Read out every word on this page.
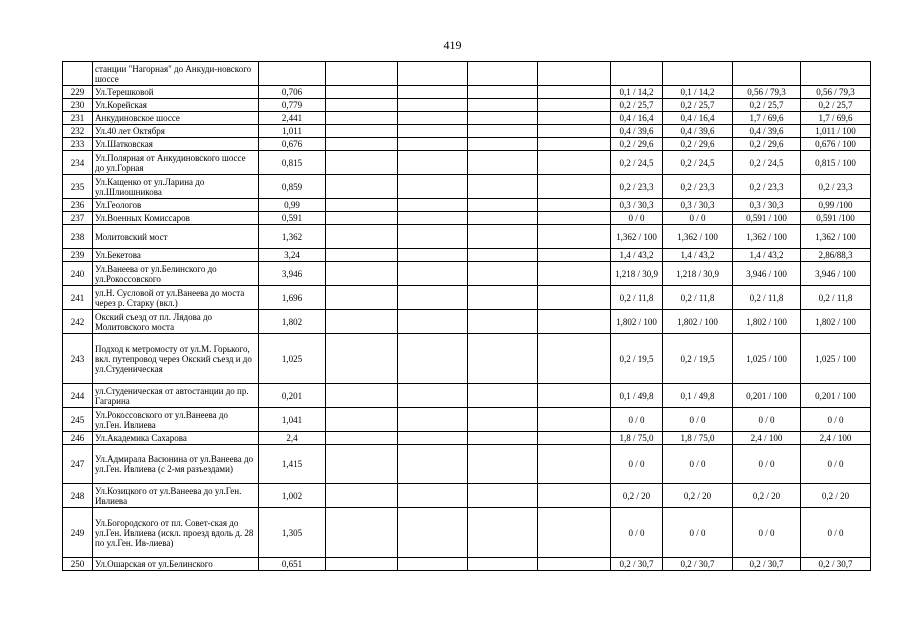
419
	станции "Нагорная" до Анкуди-новского шоссе									
229	Ул.Терешковой	0,706					0,1 / 14,2	0,1 / 14,2	0,56 / 79,3	0,56 / 79,3
230	Ул.Корейская	0,779					0,2 / 25,7	0,2 / 25,7	0,2 / 25,7	0,2 / 25,7
231	Анкудиновское шоссе	2,441					0,4 / 16,4	0,4 / 16,4	1,7 / 69,6	1,7 / 69,6
232	Ул.40 лет Октября	1,011					0,4 / 39,6	0,4 / 39,6	0,4 / 39,6	1,011 / 100
233	Ул.Шатковская	0,676					0,2 / 29,6	0,2 / 29,6	0,2 / 29,6	0,676 / 100
234	Ул.Полярная от Анкудиновского шоссе до ул.Горная	0,815					0,2 / 24,5	0,2 / 24,5	0,2 / 24,5	0,815 / 100
235	Ул.Кащенко от ул.Ларина до ул.Шлиошникова	0,859					0,2 / 23,3	0,2 / 23,3	0,2 / 23,3	0,2 / 23,3
236	Ул.Геологов	0,99					0,3 / 30,3	0,3 / 30,3	0,3 / 30,3	0,99 /100
237	Ул.Военных Комиссаров	0,591					0 / 0	0 / 0	0,591 / 100	0,591 /100
238	Молитовский мост	1,362					1,362 / 100	1,362 / 100	1,362 / 100	1,362 / 100
239	Ул.Бекетова	3,24					1,4 / 43,2	1,4 / 43,2	1,4 / 43,2	2,86/88,3
240	Ул.Ванеева от ул.Белинского до ул.Рокоссовского	3,946					1,218 / 30,9	1,218 / 30,9	3,946 / 100	3,946 / 100
241	ул.Н. Сусловой от ул.Ванеева до моста через р. Старку (вкл.)	1,696					0,2 / 11,8	0,2 / 11,8	0,2 / 11,8	0,2 / 11,8
242	Окский съезд от пл. Лядова до Молитовского моста	1,802					1,802 / 100	1,802 / 100	1,802 / 100	1,802 / 100
243	Подход к метромосту от ул.М. Горького, вкл. путепровод через Окский съезд и до ул.Студеническая	1,025					0,2 / 19,5	0,2 / 19,5	1,025 / 100	1,025 / 100
244	ул.Студеническая от автостанции до пр. Гагарина	0,201					0,1 / 49,8	0,1 / 49,8	0,201 / 100	0,201 / 100
245	Ул.Рокоссовского от ул.Ванеева до ул.Ген. Ивлиева	1,041					0 / 0	0 / 0	0 / 0	0 / 0
246	Ул.Академика Сахарова	2,4					1,8 / 75,0	1,8 / 75,0	2,4 / 100	2,4 / 100
247	Ул.Адмирала Васюнина от ул.Ванеева до ул.Ген. Ивлиева (с 2-мя разъездами)	1,415					0 / 0	0 / 0	0 / 0	0 / 0
248	Ул.Козицкого от ул.Ванеева до ул.Ген. Ивлиева	1,002					0,2 / 20	0,2 / 20	0,2 / 20	0,2 / 20
249	Ул.Богородского от пл. Совет-ская до ул.Ген. Ивлиева (искл. проезд вдоль д. 28 по ул.Ген. Ив-лиева)	1,305					0 / 0	0 / 0	0 / 0	0 / 0
250	Ул.Ошарская от ул.Белинского	0,651					0,2 / 30,7	0,2 / 30,7	0,2 / 30,7	0,2 / 30,7
